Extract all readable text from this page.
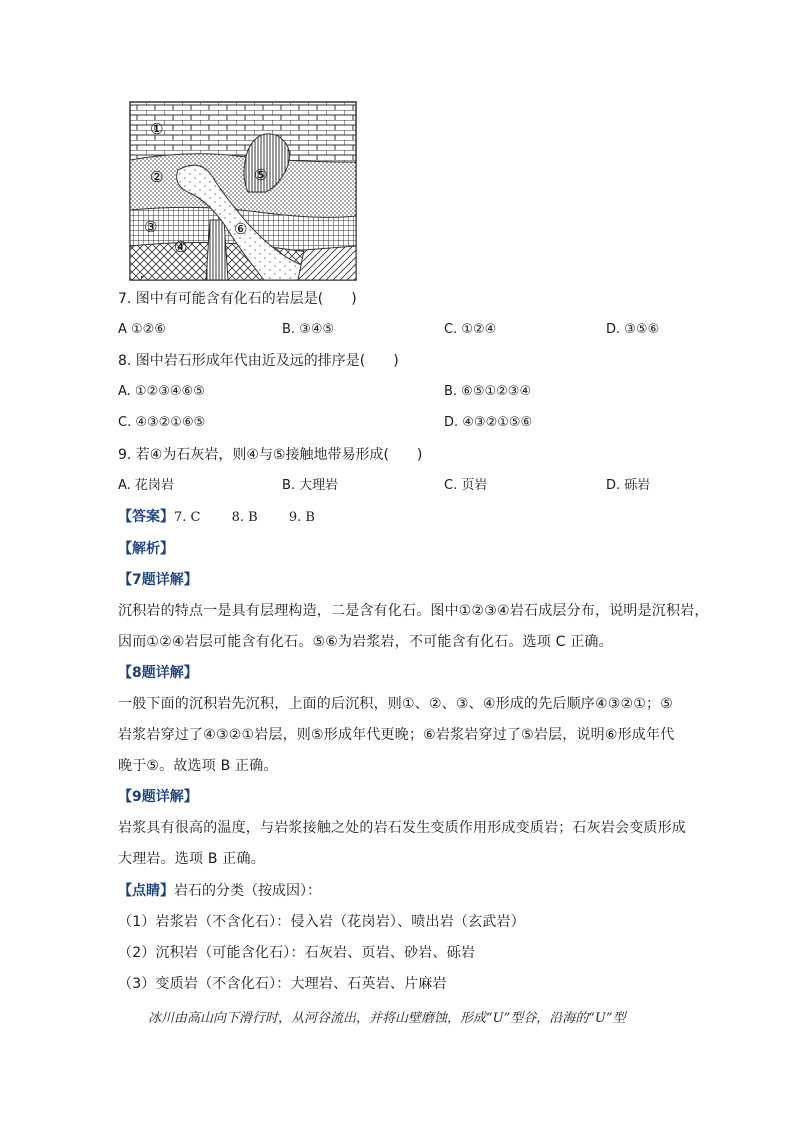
①
②
③
④
⑤
⑥
7. 图中有可能含有化石的岩层是(　　)
A ①②⑥	B. ③④⑤	C. ①②④	D. ③⑤⑥
8. 图中岩石形成年代由近及远的排序是(　　)
A. ①②③④⑥⑤	B. ⑥⑤①②③④
C. ④③②①⑥⑤	D. ④③②①⑤⑥
9. 若④为石灰岩，则④与⑤接触地带易形成(　　)
A. 花岗岩	B. 大理岩	C. 页岩	D. 砾岩
【答案】7. C 8. B 9. B
【解析】
【7题详解】
沉积岩的特点一是具有层理构造，二是含有化石。图中①②③④岩石成层分布，说明是沉积岩，
因而①②④岩层可能含有化石。⑤⑥为岩浆岩，不可能含有化石。选项 C 正确。
【8题详解】
一般下面的沉积岩先沉积，上面的后沉积，则①、②、③、④形成的先后顺序④③②①；⑤
岩浆岩穿过了④③②①岩层，则⑤形成年代更晚；⑥岩浆岩穿过了⑤岩层，说明⑥形成年代
晚于⑤。故选项 B 正确。
【9题详解】
岩浆具有很高的温度，与岩浆接触之处的岩石发生变质作用形成变质岩；石灰岩会变质形成
大理岩。选项 B 正确。
【点睛】岩石的分类（按成因）：
（1）岩浆岩（不含化石）：侵入岩（花岗岩）、喷出岩（玄武岩）
（2）沉积岩（可能含化石）：石灰岩、页岩、砂岩、砾岩
（3）变质岩（不含化石）：大理岩、石英岩、片麻岩
冰川由高山向下滑行时，从河谷流出，并将山壁磨蚀，形成“U”型谷，沿海的“U”型
